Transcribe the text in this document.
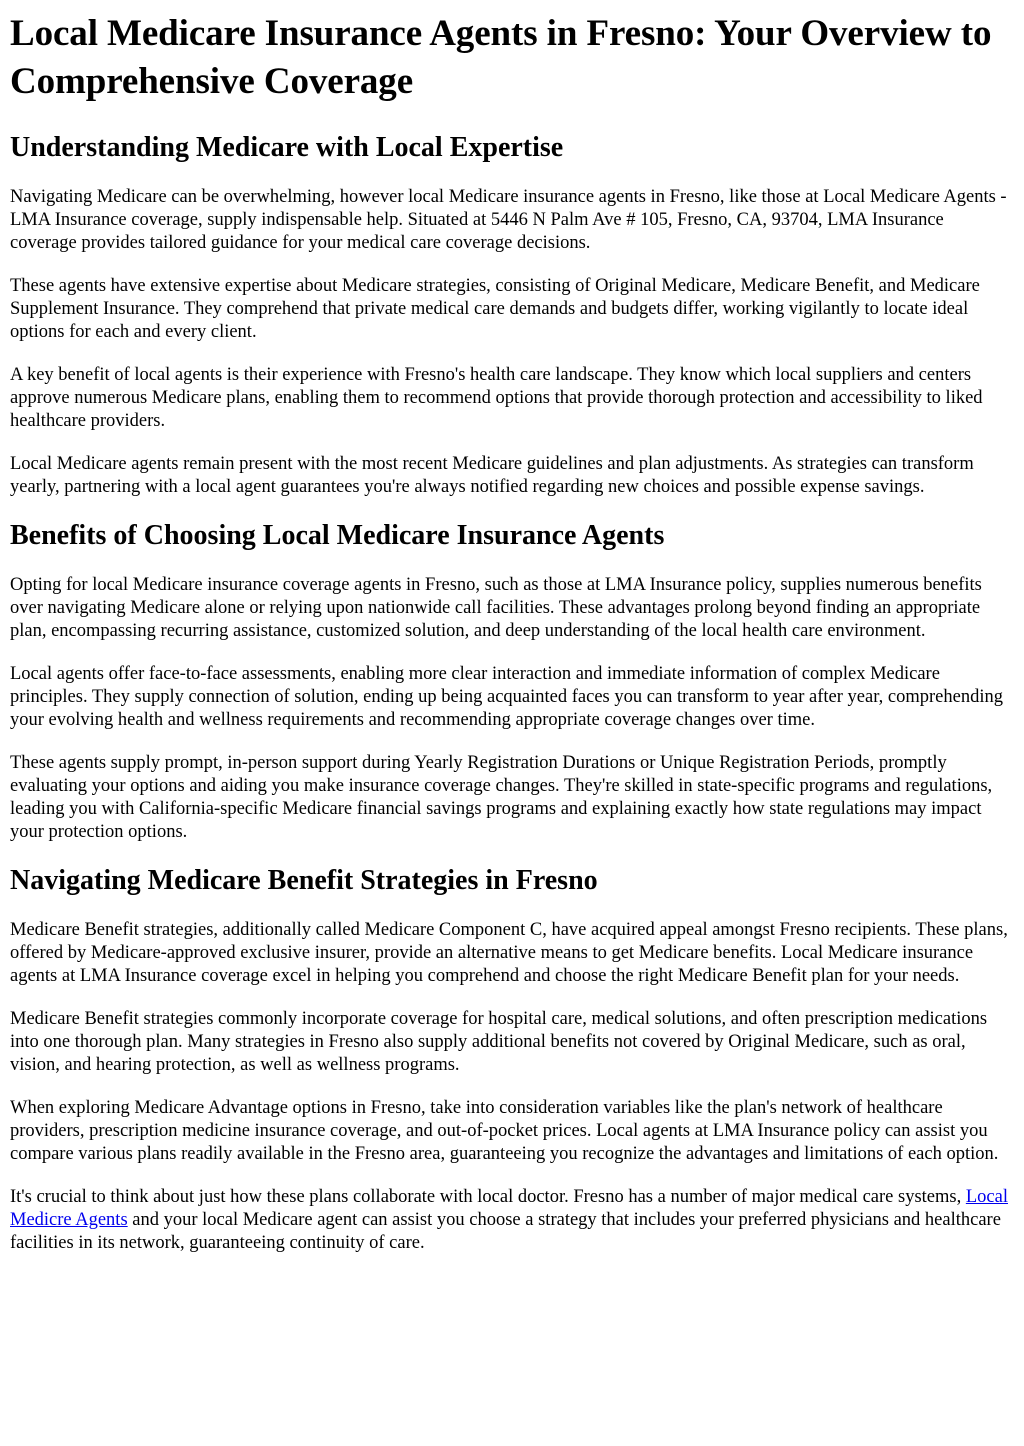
Local Medicare Insurance Agents in Fresno: Your Overview to Comprehensive Coverage
Understanding Medicare with Local Expertise

Navigating Medicare can be overwhelming, however local Medicare insurance agents in Fresno, like those at Local Medicare Agents - LMA Insurance coverage, supply indispensable help. Situated at 5446 N Palm Ave # 105, Fresno, CA, 93704, LMA Insurance coverage provides tailored guidance for your medical care coverage decisions.

These agents have extensive expertise about Medicare strategies, consisting of Original Medicare, Medicare Benefit, and Medicare Supplement Insurance. They comprehend that private medical care demands and budgets differ, working vigilantly to locate ideal options for each and every client.

A key benefit of local agents is their experience with Fresno's health care landscape. They know which local suppliers and centers approve numerous Medicare plans, enabling them to recommend options that provide thorough protection and accessibility to liked healthcare providers.

Local Medicare agents remain present with the most recent Medicare guidelines and plan adjustments. As strategies can transform yearly, partnering with a local agent guarantees you're always notified regarding new choices and possible expense savings.

Benefits of Choosing Local Medicare Insurance Agents

Opting for local Medicare insurance coverage agents in Fresno, such as those at LMA Insurance policy, supplies numerous benefits over navigating Medicare alone or relying upon nationwide call facilities. These advantages prolong beyond finding an appropriate plan, encompassing recurring assistance, customized solution, and deep understanding of the local health care environment.

Local agents offer face-to-face assessments, enabling more clear interaction and immediate information of complex Medicare principles. They supply connection of solution, ending up being acquainted faces you can transform to year after year, comprehending your evolving health and wellness requirements and recommending appropriate coverage changes over time.

These agents supply prompt, in-person support during Yearly Registration Durations or Unique Registration Periods, promptly evaluating your options and aiding you make insurance coverage changes. They're skilled in state-specific programs and regulations, leading you with California-specific Medicare financial savings programs and explaining exactly how state regulations may impact your protection options.

Navigating Medicare Benefit Strategies in Fresno

Medicare Benefit strategies, additionally called Medicare Component C, have acquired appeal amongst Fresno recipients. These plans, offered by Medicare-approved exclusive insurer, provide an alternative means to get Medicare benefits. Local Medicare insurance agents at LMA Insurance coverage excel in helping you comprehend and choose the right Medicare Benefit plan for your needs.

Medicare Benefit strategies commonly incorporate coverage for hospital care, medical solutions, and often prescription medications into one thorough plan. Many strategies in Fresno also supply additional benefits not covered by Original Medicare, such as oral, vision, and hearing protection, as well as wellness programs.

When exploring Medicare Advantage options in Fresno, take into consideration variables like the plan's network of healthcare providers, prescription medicine insurance coverage, and out-of-pocket prices. Local agents at LMA Insurance policy can assist you compare various plans readily available in the Fresno area, guaranteeing you recognize the advantages and limitations of each option.

It's crucial to think about just how these plans collaborate with local doctor. Fresno has a number of major medical care systems, Local Medicre Agents and your local Medicare agent can assist you choose a strategy that includes your preferred physicians and healthcare facilities in its network, guaranteeing continuity of care.
